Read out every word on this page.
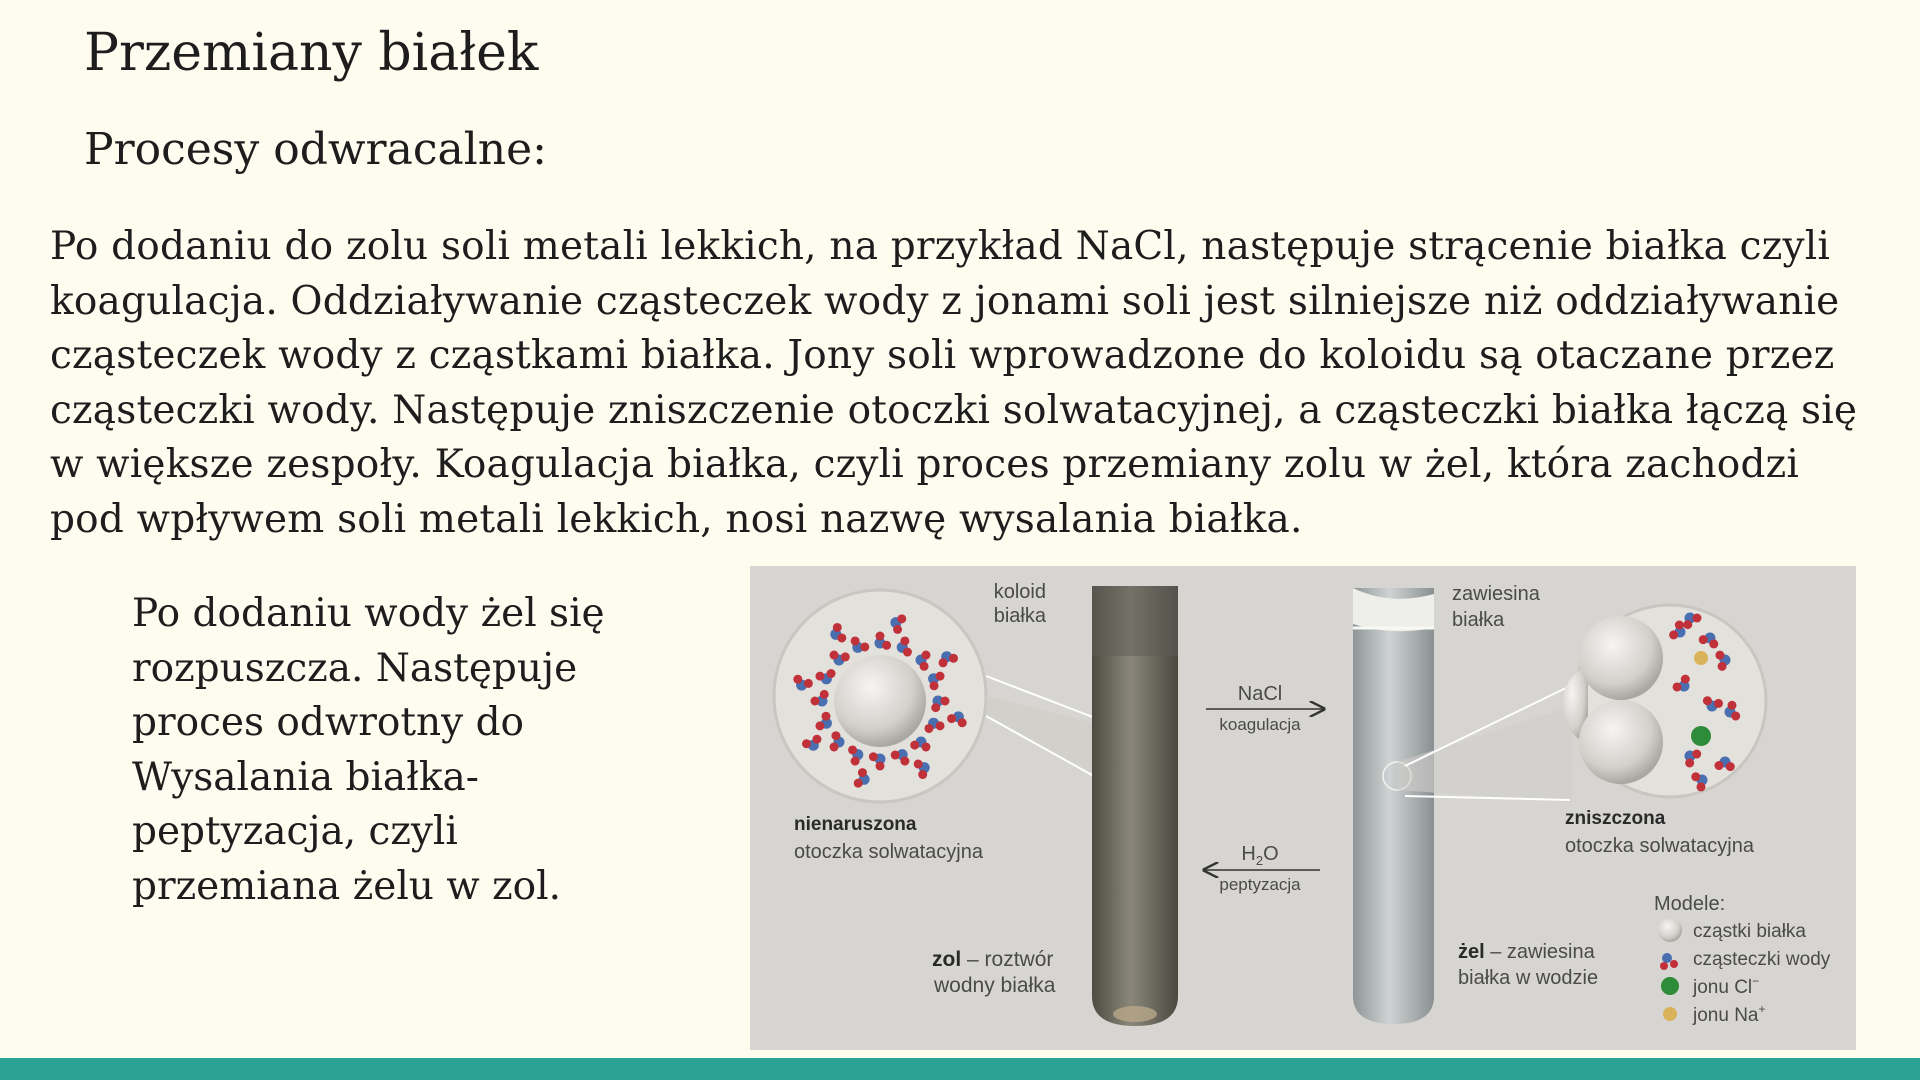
Przemiany białek
Procesy odwracalne:

Po dodaniu do zolu soli metali lekkich, na przykład NaCl, następuje strącenie białka czyli koagulacja. Oddziaływanie cząsteczek wody z jonami soli jest silniejsze niż oddziaływanie cząsteczek wody z cząstkami białka. Jony soli wprowadzone do koloidu są otaczane przez cząsteczki wody. Następuje zniszczenie otoczki solwatacyjnej, a cząsteczki białka łączą się w większe zespoły. Koagulacja białka, czyli proces przemiany zolu w żel, która zachodzi pod wpływem soli metali lekkich, nosi nazwę wysalania białka.

Po dodaniu wody żel się rozpuszcza. Następuje proces odwrotny do Wysalania białka-peptyzacja, czyli przemiana żelu w zol.

koloid
białka
zawiesina
białka
NaCl
koagulacja
$H_2O$
peptyzacja
nienaruszona
otoczka solwatacyjna
zniszczona
otoczka solwatacyjna
zol – roztwór
wodny białka
żel – zawiesina
białka w wodzie
Modele:
cząstki białka
cząsteczki wody
jonu Cl−
jonu Na+
